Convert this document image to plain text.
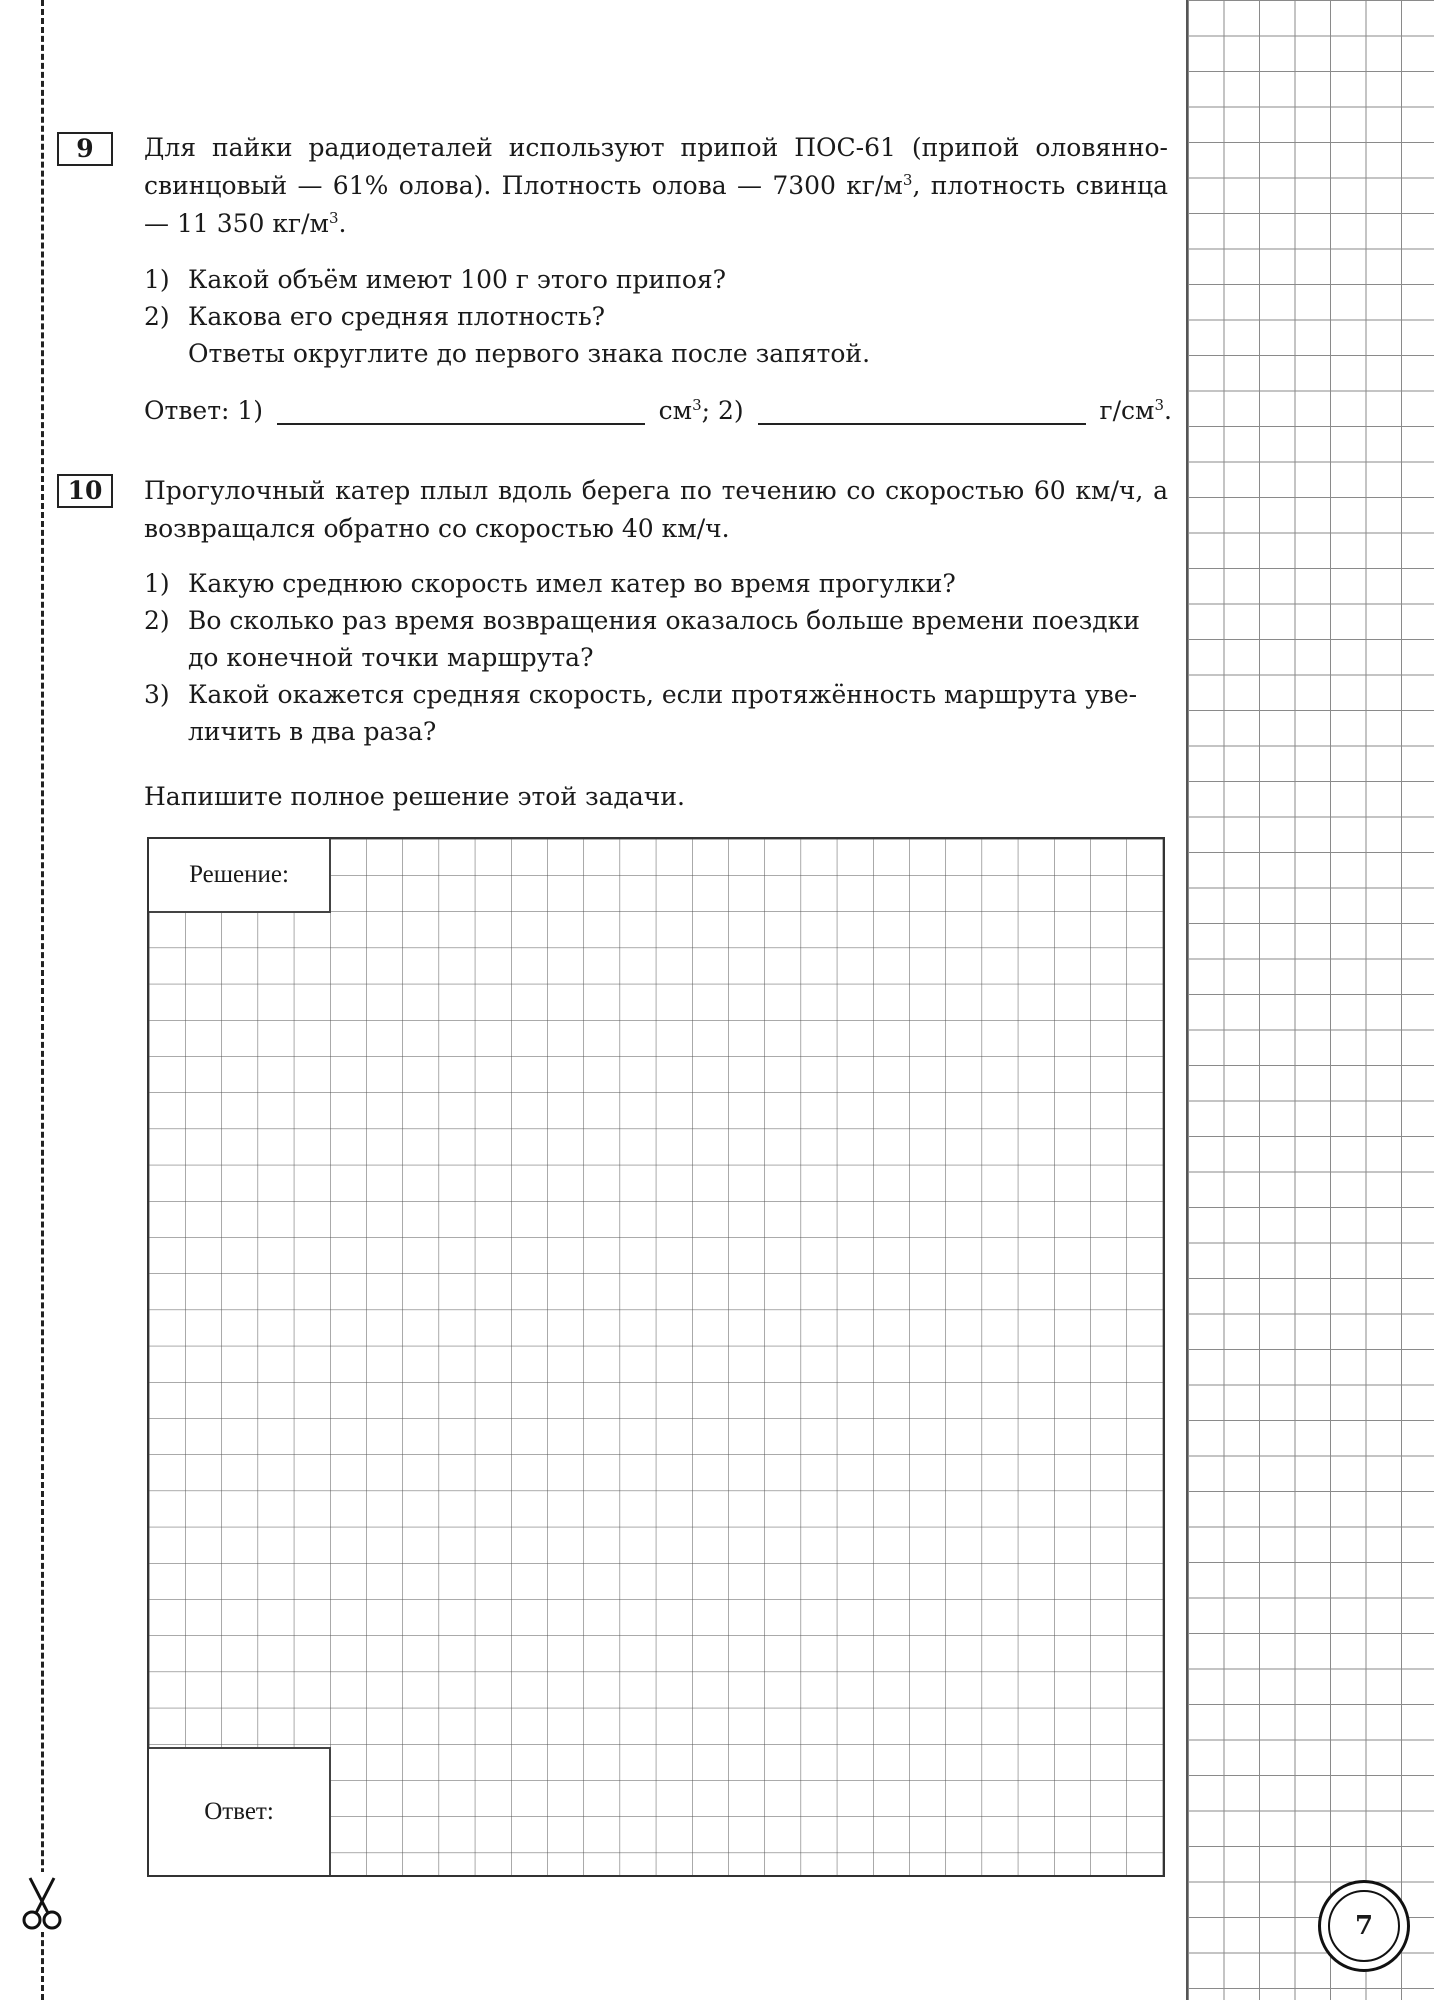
9	Для пайки радиодеталей используют припой ПОС-61 (припой оловянно-свинцовый — 61% олова). Плотность олова — 7300 $кг/м^3$, плотность свинца — 11 350 $кг/м^3$.

1) Какой объём имеют 100 г этого припоя?
2) Какова его средняя плотность?
Ответы округлите до первого знака после запятой.
Ответ: 1)	$см^3$; 2)	$г/см^3$.
10	Прогулочный катер плыл вдоль берега по течению со скоростью 60 км/ч, а возвращался обратно со скоростью 40 км/ч.

1) Какую среднюю скорость имел катер во время прогулки?
2) Во сколько раз время возвращения оказалось больше времени поездки
до конечной точки маршрута?
3) Какой окажется средняя скорость, если протяжённость маршрута уве-
личить в два раза?
Напишите полное решение этой задачи.
Решение:
Ответ:
7
